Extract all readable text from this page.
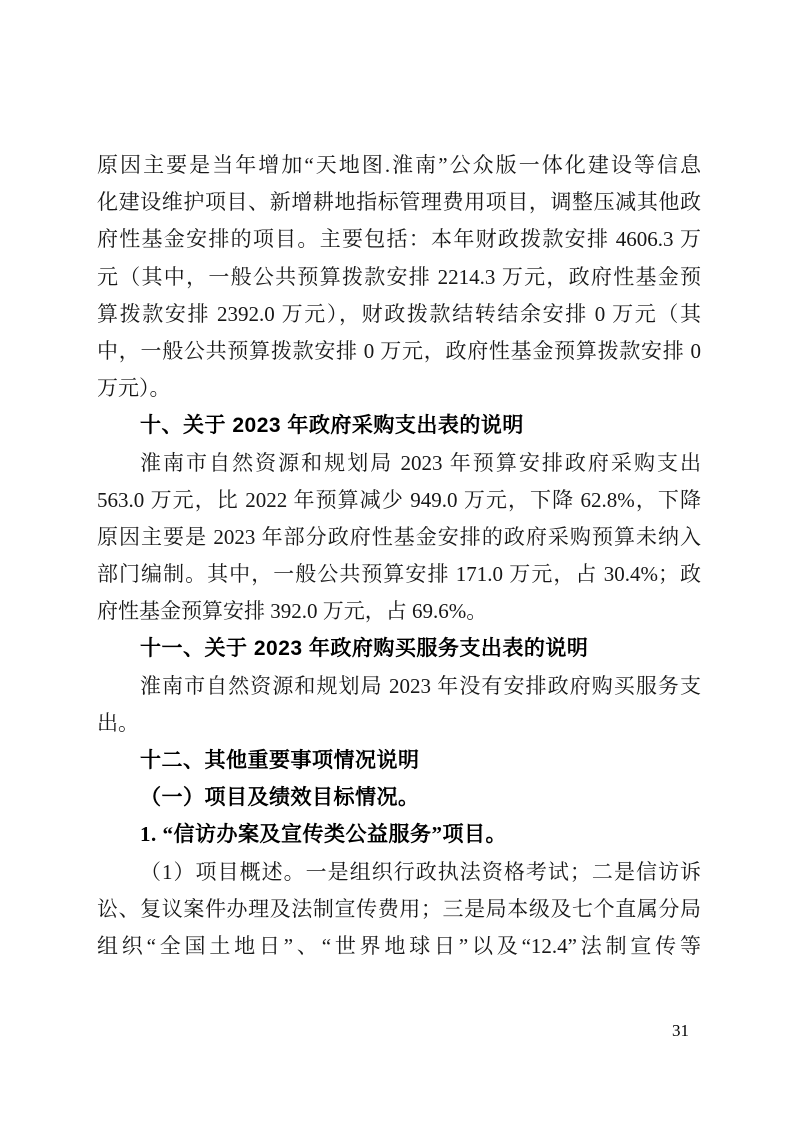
原因主要是当年增加“天地图.淮南”公众版一体化建设等信息
化建设维护项目、新增耕地指标管理费用项目，调整压减其他政
府性基金安排的项目。主要包括：本年财政拨款安排 4606.3 万
元（其中，一般公共预算拨款安排 2214.3 万元，政府性基金预
算拨款安排 2392.0 万元），财政拨款结转结余安排 0 万元（其
中，一般公共预算拨款安排 0 万元，政府性基金预算拨款安排 0
万元）。
十、关于 2023 年政府采购支出表的说明
淮南市自然资源和规划局 2023 年预算安排政府采购支出
563.0 万元，比 2022 年预算减少 949.0 万元，下降 62.8%，下降
原因主要是 2023 年部分政府性基金安排的政府采购预算未纳入
部门编制。其中，一般公共预算安排 171.0 万元，占 30.4%；政
府性基金预算安排 392.0 万元，占 69.6%。
十一、关于 2023 年政府购买服务支出表的说明
淮南市自然资源和规划局 2023 年没有安排政府购买服务支
出。
十二、其他重要事项情况说明
（一）项目及绩效目标情况。
1. “信访办案及宣传类公益服务”项目。
（1）项目概述。一是组织行政执法资格考试；二是信访诉
讼、复议案件办理及法制宣传费用；三是局本级及七个直属分局
组织“全国土地日”、“世界地球日”以及“12.4”法制宣传等
31
